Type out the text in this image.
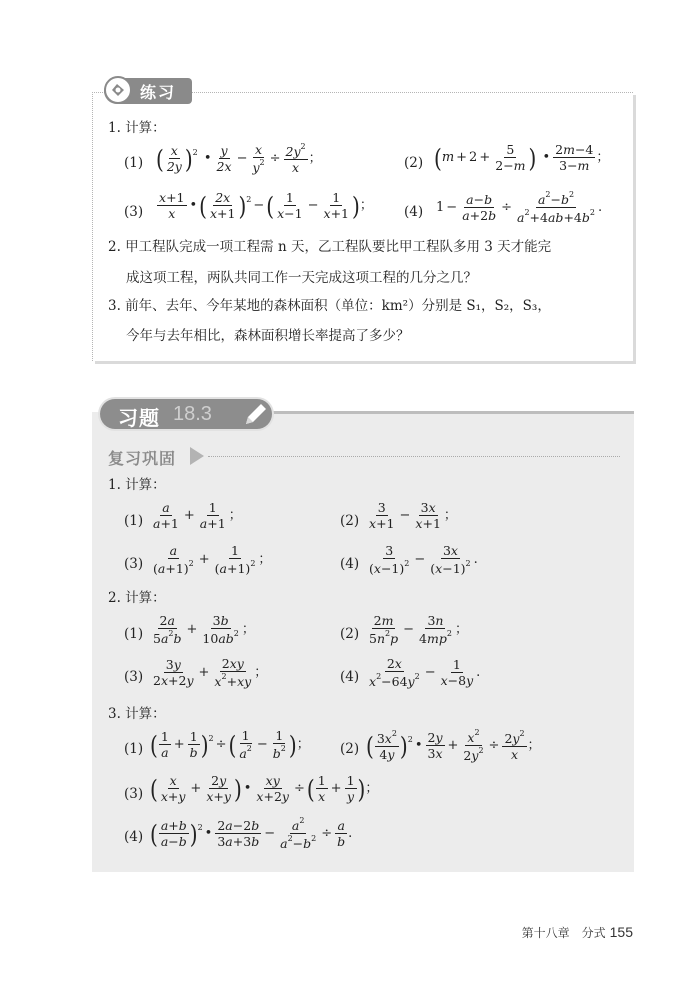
练习
1. 计算：
(1) ( $\frac{x}{2y} )^2$ • $\frac{y}{2x} - \frac{x}{y^2} \div \frac{2y^2}{x}$ ；	(2) ($m + 2 + \frac{5}{2-m}$ ) • $\frac{2m-4}{3-m}$ ；
$(3) \frac{x+1}{x}$ • ( $\frac{2x}{x+1} )^2$ − ( $\frac{1}{x-1} - \frac{1}{x+1}$ )； (4) $1 - \frac{a-b}{a+2b} \div \frac{a^2-b^2}{a^2+4ab+4b^2}$ .
2. 甲工程队完成一项工程需 n 天，乙工程队要比甲工程队多用 3 天才能完
成这项工程，两队共同工作一天完成这项工程的几分之几？
3. 前年、去年、今年某地的森林面积（单位：km²）分别是 S₁，S₂，S₃，
今年与去年相比，森林面积增长率提高了多少？
习题 18.3
复习巩固
1. 计算：
$(1) \frac{a}{a+1} + \frac{1}{a+1}$ ；	$(2) \frac{3}{x+1} - \frac{3x}{x+1}$ ；
$(3) \frac{a}{(a+1)^2} + \frac{1}{(a+1)^2}$ ；	$(4) \frac{3}{(x-1)^2} - \frac{3x}{(x-1)^2}$ .
2. 计算：
$(1) \frac{2a}{5a^2b} + \frac{3b}{10ab^2}$ ；	$(2) \frac{2m}{5n^2p} - \frac{3n}{4mp^2}$ ；
$(3) \frac{3y}{2x+2y} + \frac{2xy}{x^2+xy}$ ；	$(4) \frac{2x}{x^2-64y^2} - \frac{1}{x-8y}$ .
3. 计算：
(1) ( $\frac{1}{a} + \frac{1}{b} )^2$ ÷ ( $\frac{1}{a^2} - \frac{1}{b^2}$ )； (2) ( $\frac{3x^2}{4y} )^2$ • $\frac{2y}{3x} + \frac{x^2}{2y^2} \div \frac{2y^2}{x}$ ；
(3) ( $\frac{x}{x+y} + \frac{2y}{x+y}$ ) • $\frac{xy}{x+2y}$ ÷ ( $\frac{1}{x} + \frac{1}{y}$ )；
(4) ( $\frac{a+b}{a-b} )^2$ • $\frac{2a-2b}{3a+3b} - \frac{a^2}{a^2-b^2} \div \frac{a}{b}$ .
第十八章　分式 155
